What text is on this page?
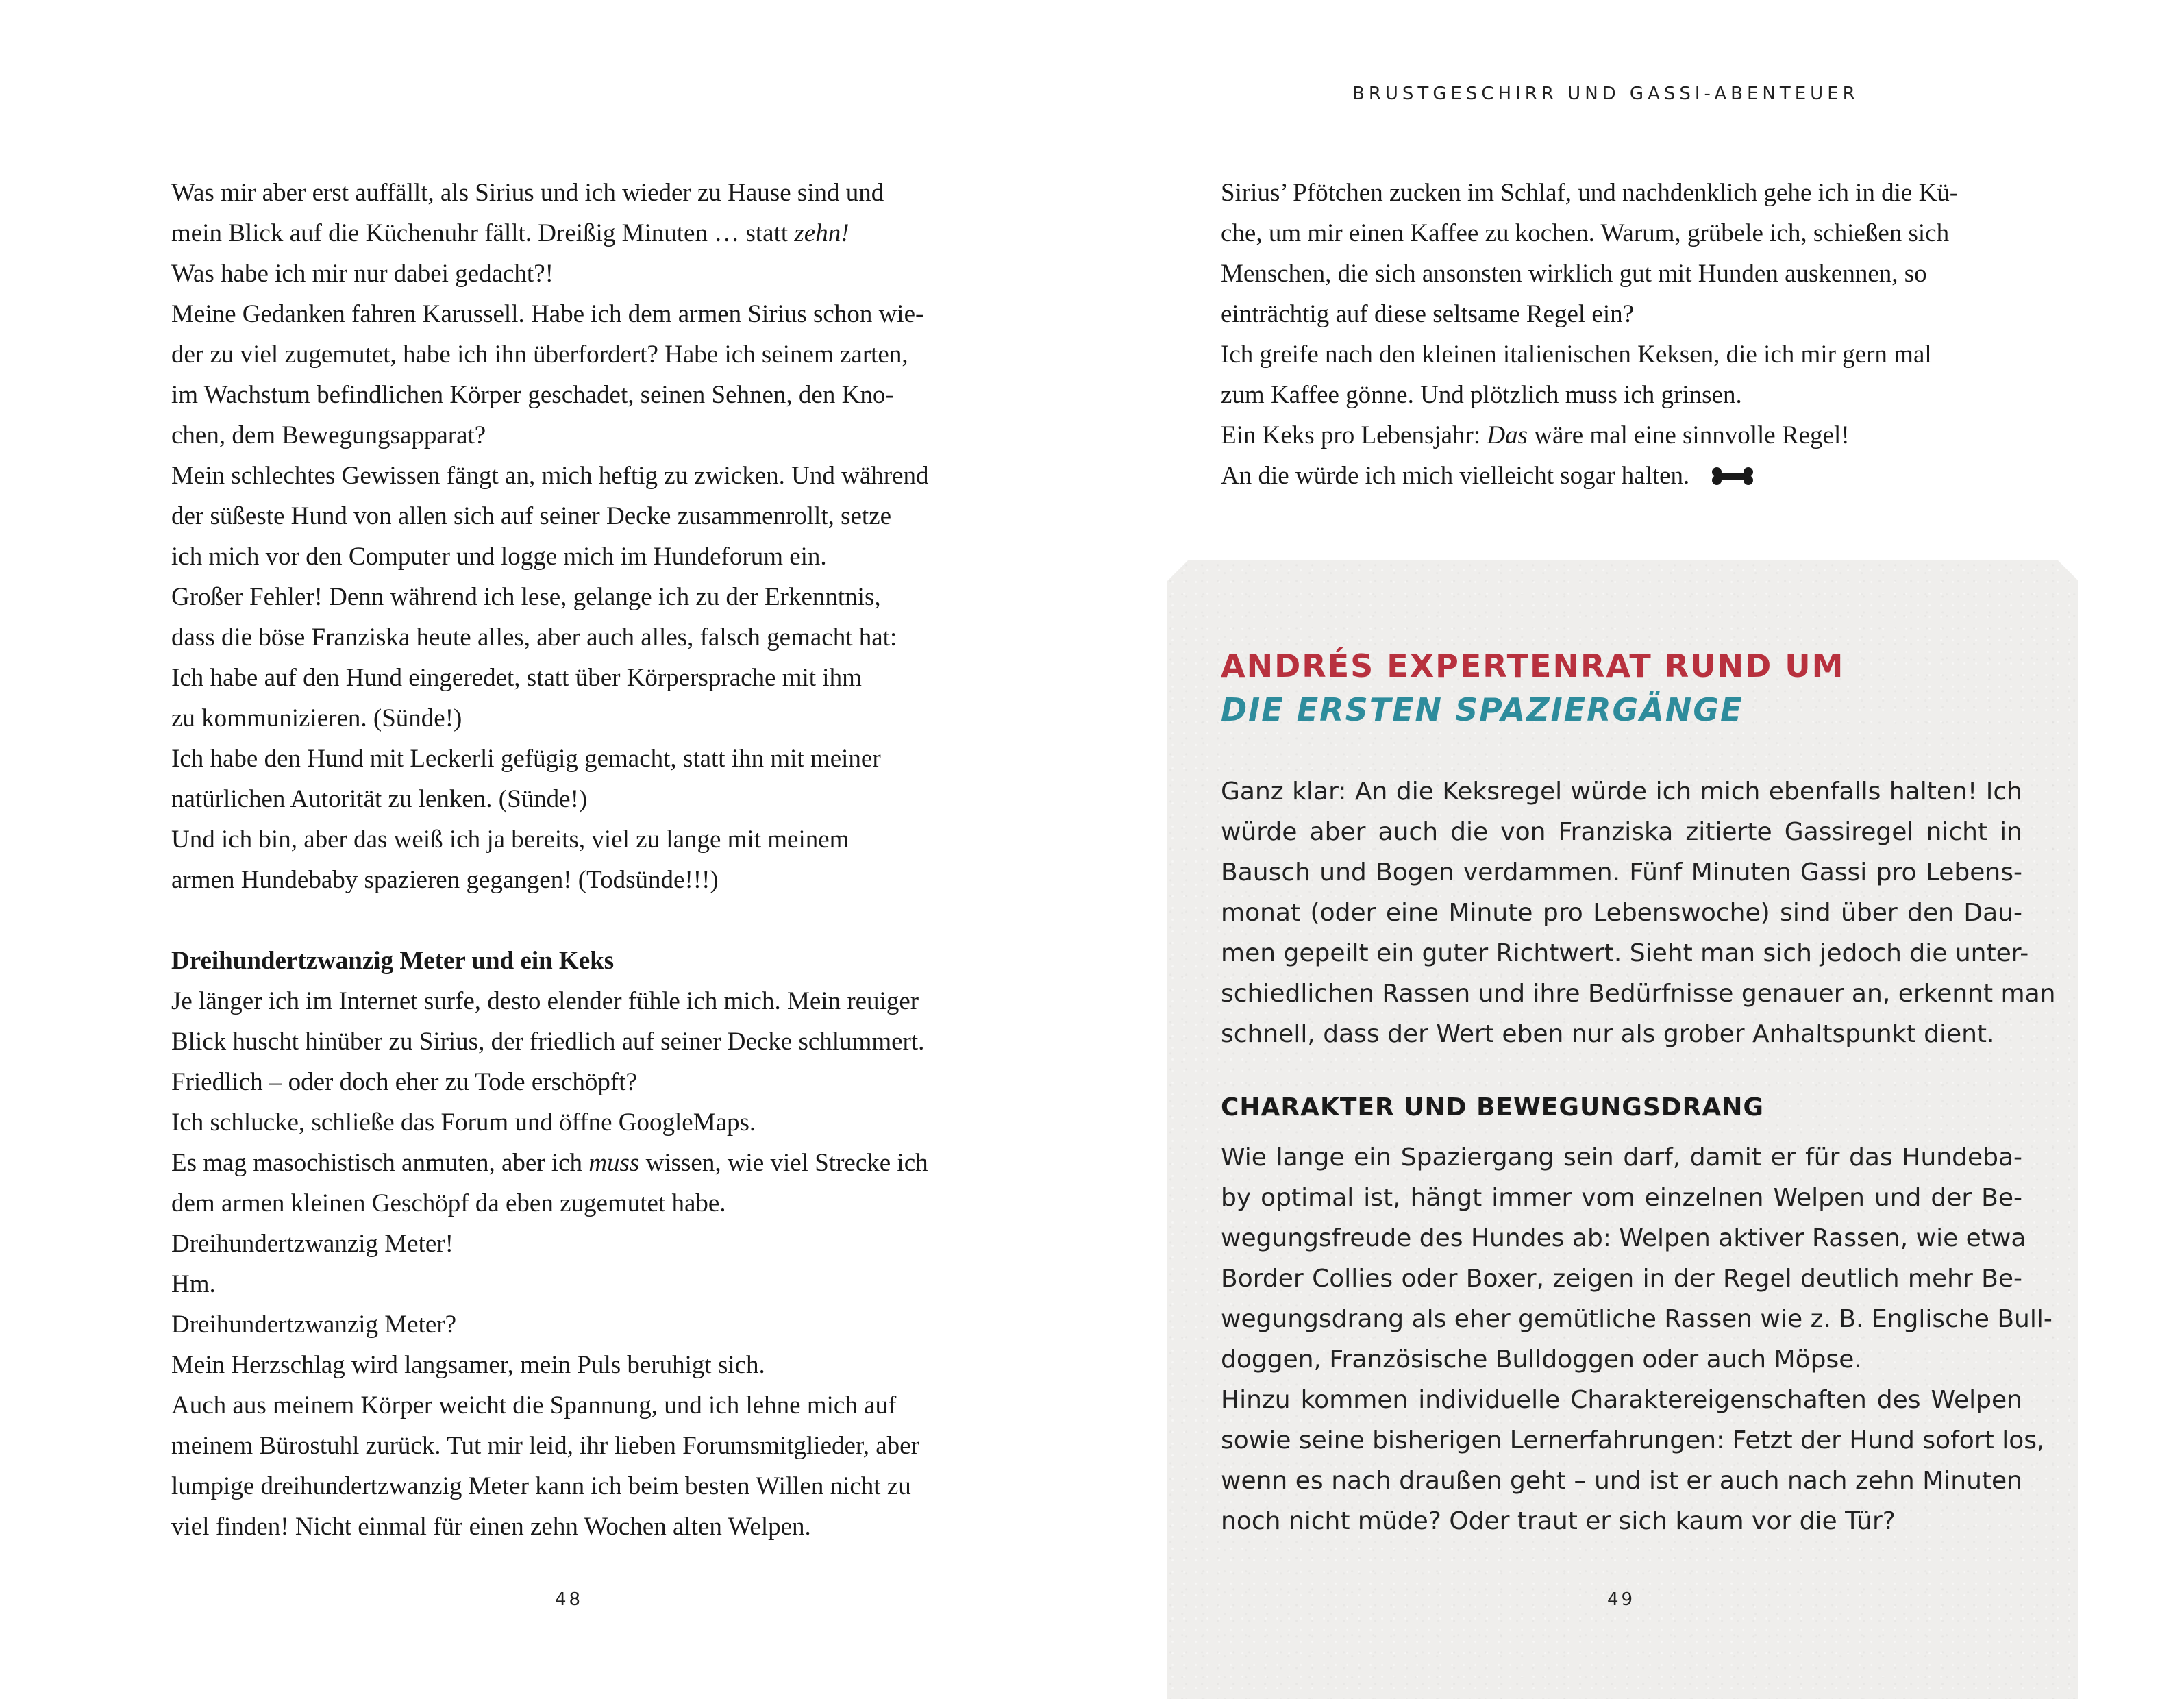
Was mir aber erst auffällt, als Sirius und ich wieder zu Hause sind und
mein Blick auf die Küchenuhr fällt. Dreißig Minuten … statt zehn!
Was habe ich mir nur dabei gedacht?!
Meine Gedanken fahren Karussell. Habe ich dem armen Sirius schon wie-
der zu viel zugemutet, habe ich ihn überfordert? Habe ich seinem zarten,
im Wachstum befindlichen Körper geschadet, seinen Sehnen, den Kno-
chen, dem Bewegungsapparat?
Mein schlechtes Gewissen fängt an, mich heftig zu zwicken. Und während
der süßeste Hund von allen sich auf seiner Decke zusammenrollt, setze
ich mich vor den Computer und logge mich im Hundeforum ein.
Großer Fehler! Denn während ich lese, gelange ich zu der Erkenntnis,
dass die böse Franziska heute alles, aber auch alles, falsch gemacht hat:
Ich habe auf den Hund eingeredet, statt über Körpersprache mit ihm
zu kommunizieren. (Sünde!)
Ich habe den Hund mit Leckerli gefügig gemacht, statt ihn mit meiner
natürlichen Autorität zu lenken. (Sünde!)
Und ich bin, aber das weiß ich ja bereits, viel zu lange mit meinem
armen Hundebaby spazieren gegangen! (Todsünde!!!)
Dreihundertzwanzig Meter und ein Keks
Je länger ich im Internet surfe, desto elender fühle ich mich. Mein reuiger
Blick huscht hinüber zu Sirius, der friedlich auf seiner Decke schlummert.
Friedlich – oder doch eher zu Tode erschöpft?
Ich schlucke, schließe das Forum und öffne GoogleMaps.
Es mag masochistisch anmuten, aber ich muss wissen, wie viel Strecke ich
dem armen kleinen Geschöpf da eben zugemutet habe.
Dreihundertzwanzig Meter!
Hm.
Dreihundertzwanzig Meter?
Mein Herzschlag wird langsamer, mein Puls beruhigt sich.
Auch aus meinem Körper weicht die Spannung, und ich lehne mich auf
meinem Bürostuhl zurück. Tut mir leid, ihr lieben Forumsmitglieder, aber
lumpige dreihundertzwanzig Meter kann ich beim besten Willen nicht zu
viel finden! Nicht einmal für einen zehn Wochen alten Welpen.
48
BRUSTGESCHIRR UND GASSI-ABENTEUER
Sirius’ Pfötchen zucken im Schlaf, und nachdenklich gehe ich in die Kü-
che, um mir einen Kaffee zu kochen. Warum, grübele ich, schießen sich
Menschen, die sich ansonsten wirklich gut mit Hunden auskennen, so
einträchtig auf diese seltsame Regel ein?
Ich greife nach den kleinen italienischen Keksen, die ich mir gern mal
zum Kaffee gönne. Und plötzlich muss ich grinsen.
Ein Keks pro Lebensjahr: Das wäre mal eine sinnvolle Regel!
An die würde ich mich vielleicht sogar halten.
ANDRÉS EXPERTENRAT RUND UM
DIE ERSTEN SPAZIERGÄNGE
Ganz klar: An die Keksregel würde ich mich ebenfalls halten! Ich
würde aber auch die von Franziska zitierte Gassiregel nicht in
Bausch und Bogen verdammen. Fünf Minuten Gassi pro Lebens-
monat (oder eine Minute pro Lebenswoche) sind über den Dau-
men gepeilt ein guter Richtwert. Sieht man sich jedoch die unter-
schiedlichen Rassen und ihre Bedürfnisse genauer an, erkennt man
schnell, dass der Wert eben nur als grober Anhaltspunkt dient.
CHARAKTER UND BEWEGUNGSDRANG
Wie lange ein Spaziergang sein darf, damit er für das Hundeba-
by optimal ist, hängt immer vom einzelnen Welpen und der Be-
wegungsfreude des Hundes ab: Welpen aktiver Rassen, wie etwa
Border Collies oder Boxer, zeigen in der Regel deutlich mehr Be-
wegungsdrang als eher gemütliche Rassen wie z. B. Englische Bull-
doggen, Französische Bulldoggen oder auch Möpse.
Hinzu kommen individuelle Charaktereigenschaften des Welpen
sowie seine bisherigen Lernerfahrungen: Fetzt der Hund sofort los,
wenn es nach draußen geht – und ist er auch nach zehn Minuten
noch nicht müde? Oder traut er sich kaum vor die Tür?
49
